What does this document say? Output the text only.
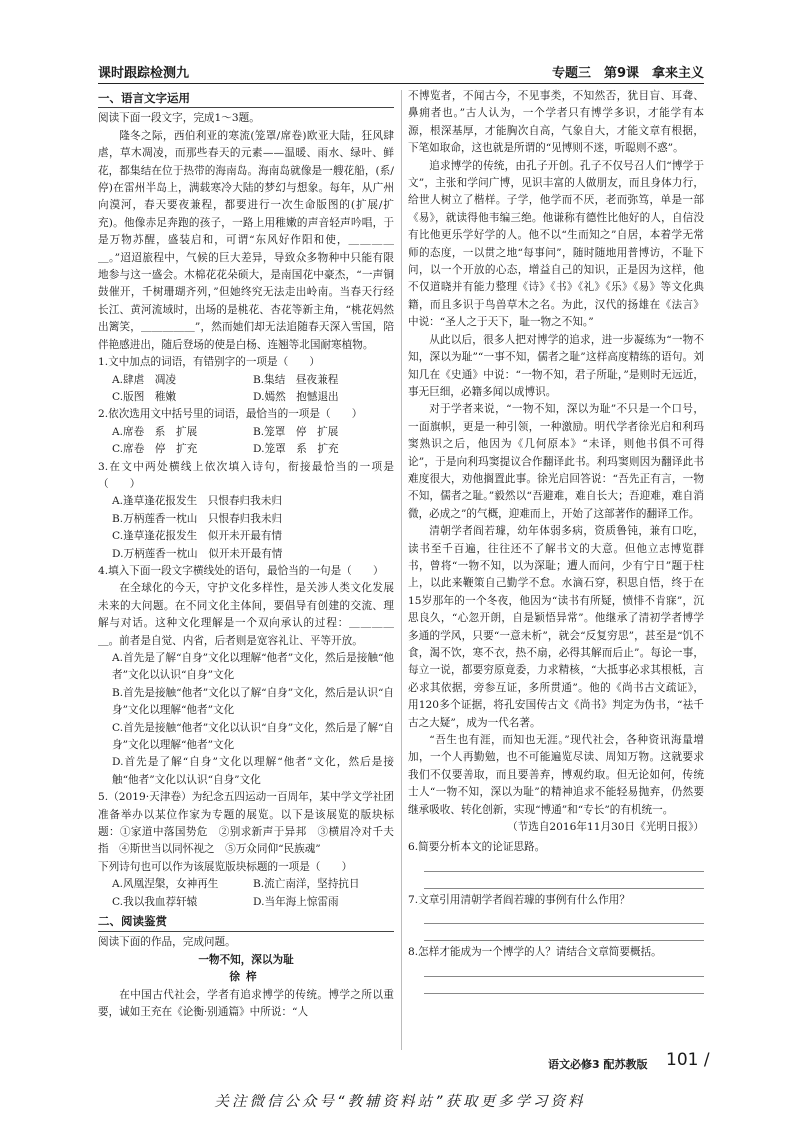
课时跟踪检测九	专题三　第9课　拿来主义
一、语言文字运用

阅读下面一段文字，完成1～3题。

隆冬之际，西伯利亚的寒流(笼罩/席卷)欧亚大陆，狂风肆虐，草木凋凌，而那些春天的元素——温暖、雨水、绿叶、鲜花，都集结在位于热带的海南岛。海南岛就像是一艘花船，(系/停)在雷州半岛上，满载寒冷大陆的梦幻与想象。每年，从广州向漠河，春天要夜兼程，都要进行一次生命版图的(扩展/扩充)。他像赤足奔跑的孩子，一路上用稚嫩的声音轻声吟唱，于是万物苏醒，盛装启和，可谓“东风好作阳和使，＿＿＿＿＿。”迢迢旅程中，气候的巨大差异，导致众多物种中只能有限地参与这一盛会。木棉花花朵硕大，是南国花中豪杰，“一声铜鼓催开，千树珊瑚齐列，”但她终究无法走出岭南。当春天行经长江、黄河流域时，出场的是桃花、杏花等新主角，“桃花妈然出篱笑，＿＿＿＿＿”，然而她们却无法追随春天深入雪国，陪伴艳感进出，随后登场的使是白杨、连翘等北国耐寒植物。

1.文中加点的词语，有错别字的一项是（　　）

A.肆虐　凋凌	B.集结　昼夜兼程
C.版图　稚嫩	D.嫣然　抱憾退出

2.依次选用文中括号里的词语，最恰当的一项是（　　）

A.席卷　系　扩展	B.笼罩　停　扩展
C.席卷　停　扩充	D.笼罩　系　扩充

3.在文中两处横线上依次填入诗句，衔接最恰当的一项是（　　）

A.逢草逢花报发生　只恨春归我未归

B.万柄莲香一枕山　只恨春归我未归

C.逢草逢花报发生　似开未开最有情

D.万柄莲香一枕山　似开未开最有情

4.填入下面一段文字横线处的语句，最恰当的一句是（　　）

在全球化的今天，守护文化多样性，是关涉人类文化发展未来的大问题。在不同文化主体间，要倡导有创建的交流、理解与对话。这种文化理解是一个双向承认的过程：＿＿＿＿＿。前者是自觉、内省，后者则是宽容礼让、平等开放。

A.首先是了解“自身”文化以理解“他者”文化，然后是接触“他者”文化以认识“自身”文化

B.首先是接触“他者”文化以了解“自身”文化，然后是认识“自身”文化以理解“他者”文化

C.首先是接触“他者”文化以认识“自身”文化，然后是了解“自身”文化以理解“他者”文化

D.首先是了解“自身”文化以理解“他者”文化，然后是接触“他者”文化以认识“自身”文化

5.（2019·天津卷）为纪念五四运动一百周年，某中学文学社团准备举办以某位作家为专题的展览。以下是该展览的版块标题：①家道中落国势危　②别求新声于异邦　③横眉冷对千夫指　④斯世当以同怀视之　⑤万众同仰“民族魂”

下列诗句也可以作为该展览版块标题的一项是（　　）

A.风凰涅槃，女神再生	B.流亡南洋，坚持抗日
C.我以我血荐轩辕	D.当年海上惊雷雨
二、阅读鉴赏

阅读下面的作品，完成问题。

一物不知，深以为耻
徐梓

在中国古代社会，学者有追求博学的传统。博学之所以重要，诚如王充在《论衡·别通篇》中所说：“人

不博览者，不闻古今，不见事类，不知然否，犹目盲、耳聋、鼻痈者也。”古人认为，一个学者只有博学多识，才能学有本源，根深基厚，才能胸次自高，气象自大，才能文章有根据，下笔如取命，这也就是所谓的“见博则不迷，听聪则不惑”。

追求博学的传统，由孔子开创。孔子不仅号召人们“博学于文”，主张和学问广博，见识丰富的人做朋友，而且身体力行，给世人树立了楷样。子学，他学而不厌，老而弥笃，单是一部《易》，就读得他韦编三绝。他谦称有德性比他好的人，自信没有比他更乐学好学的人。他不以“生而知之”自居，本着学无常师的态度，一以贯之地“每事问”，随时随地用普博访，不耻下问，以一个开放的心态，增益自己的知识，正是因为这样，他不仅道晓并有能力整理《诗》《书》《礼》《乐》《易》等文化典籍，而且多识于鸟兽草木之名。为此，汉代的扬雄在《法言》中说：“圣人之于天下，耻一物之不知。”

从此以后，很多人把对博学的追求，进一步凝练为“一物不知，深以为耻”“一事不知，儒者之耻”这样高度精练的语句。刘知几在《史通》中说：“一物不知，君子所耻，”是则时无远近，事无巨细，必籍多闻以成博识。

对于学者来说，“一物不知，深以为耻”不只是一个口号，一面旗帜，更是一种引领，一种激励。明代学者徐光启和利玛窦熟识之后，他因为《几何原本》“未译，则他书俱不可得论”，于是向利玛窦提议合作翻译此书。利玛窦则因为翻译此书难度很大，劝他搁置此事。徐光启回答说：“吾先正有言，一物不知，儒者之耻。”毅然以“吾避难，难自长大；吾迎难，难自消微，必成之”的气概，迎难而上，开始了这部著作的翻译工作。

清朝学者阎若璩，幼年体弱多病，资质鲁钝，兼有口吃，读书至千百遍，往往还不了解书文的大意。但他立志博览群书，曾将“一物不知，以为深耻；遭人而问，少有宁日”题于柱上，以此来鞭策自己勤学不怠。水滴石穿，积思自悟，终于在15岁那年的一个冬夜，他因为“读书有所疑，愤悱不肯寐”，沉思良久，“心忽开朗，自是颖悟异常”。他继承了清初学者博学多通的学风，只要“一意未析”，就会“反复穷思”，甚至是“饥不食，渴不饮，寒不衣，热不扇，必得其解而后止”。每论一事，每立一说，都要穷原竟委，力求精核，“大抵事必求其根柢，言必求其依据，旁参互证，多所贯通”。他的《尚书古文疏证》，用120多个证据，将孔安国传古文《尚书》判定为伪书，“祛千古之大疑”，成为一代名著。

“吾生也有涯，而知也无涯。”现代社会，各种资讯海量增加，一个人再勤勉，也不可能遍览尽读、周知万物。这就要求我们不仅要善取，而且要善弃，博观约取。但无论如何，传统士人“一物不知，深以为耻”的精神追求不能轻易抛弃，仍然要继承吸收、转化创新，实现“博通”和“专长”的有机统一。

（节选自2016年11月30日《光明日报》）

6.简要分析本文的论证思路。

7.文章引用清朝学者阎若璩的事例有什么作用？

8.怎样才能成为一个博学的人？请结合文章简要概括。

语文必修3 配苏教版 101 /
关注微信公众号“教辅资料站”获取更多学习资料
